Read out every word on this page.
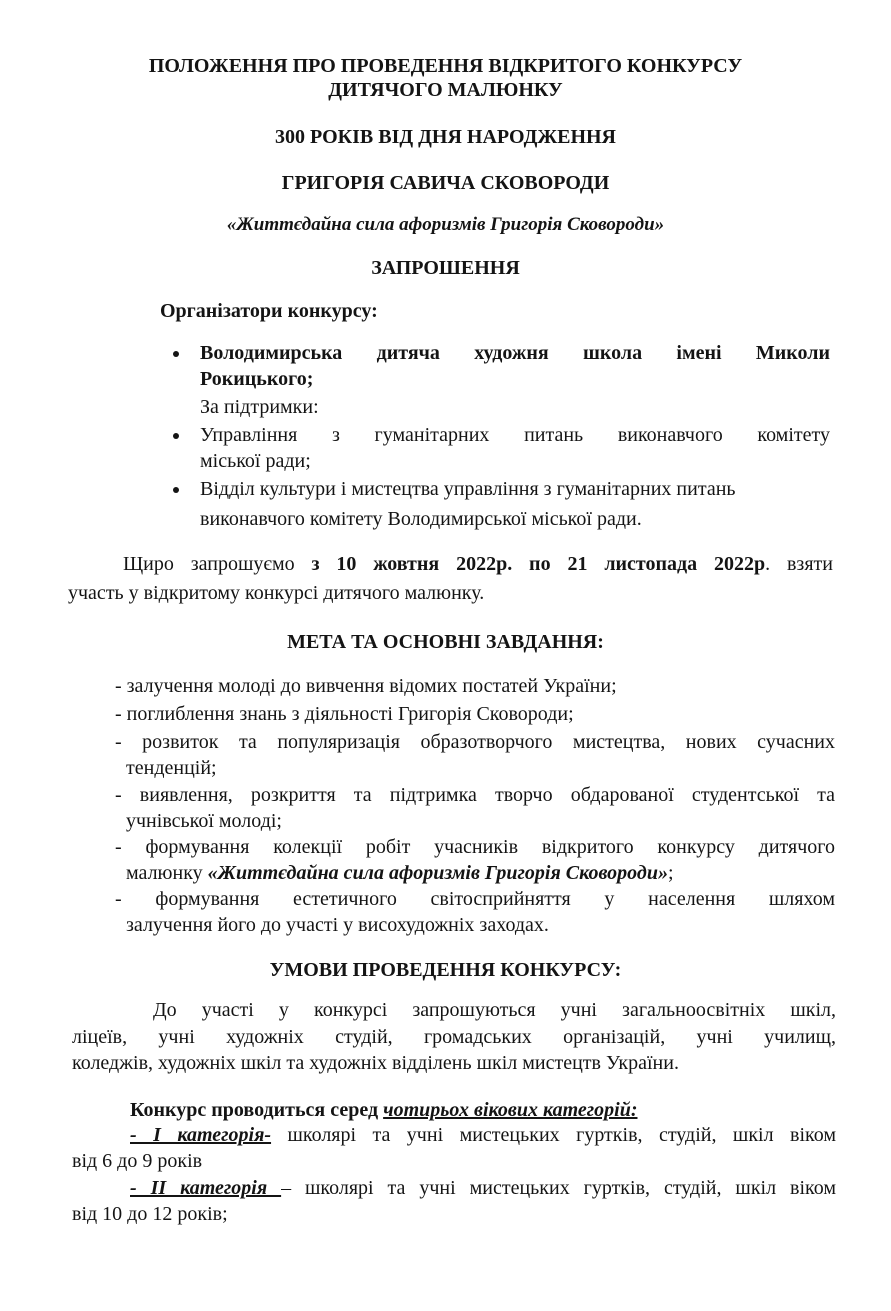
ПОЛОЖЕННЯ ПРО ПРОВЕДЕННЯ ВІДКРИТОГО КОНКУРСУ
ДИТЯЧОГО МАЛЮНКУ
300 РОКІВ ВІД ДНЯ НАРОДЖЕННЯ
ГРИГОРІЯ САВИЧА СКОВОРОДИ
«Життєдайна сила афоризмів Григорія Сковороди»
ЗАПРОШЕННЯ
Організатори конкурсу:
Володимирська дитяча художня школа імені Миколи
Рокицького;
За підтримки:
Управління з гуманітарних питань виконавчого комітету
міської ради;
Відділ культури і мистецтва управління з гуманітарних питань
виконавчого комітету Володимирської міської ради.
Щиро запрошуємо з 10 жовтня 2022р. по 21 листопада 2022р. взяти
участь у відкритому конкурсі дитячого малюнку.
МЕТА ТА ОСНОВНІ ЗАВДАННЯ:
- залучення молоді до вивчення відомих постатей України;
- поглиблення знань з діяльності Григорія Сковороди;
- розвиток та популяризація образотворчого мистецтва, нових сучасних
тенденцій;
- виявлення, розкриття та підтримка творчо обдарованої студентської та
учнівської молоді;
- формування колекції робіт учасників відкритого конкурсу дитячого
малюнку «Життєдайна сила афоризмів Григорія Сковороди»;
- формування естетичного світосприйняття у населення шляхом
залучення його до участі у висохудожніх заходах.
УМОВИ ПРОВЕДЕННЯ КОНКУРСУ:
До участі у конкурсі запрошуються учні загальноосвітніх шкіл,
ліцеїв, учні художніх студій, громадських організацій, учні училищ,
коледжів, художніх шкіл та художніх відділень шкіл мистецтв України.
Конкурс проводиться серед чотирьох вікових категорій:
- I категорія- школярі та учні мистецьких гуртків, студій, шкіл віком
від 6 до 9 років
- II категорія – школярі та учні мистецьких гуртків, студій, шкіл віком
від 10 до 12 років;
